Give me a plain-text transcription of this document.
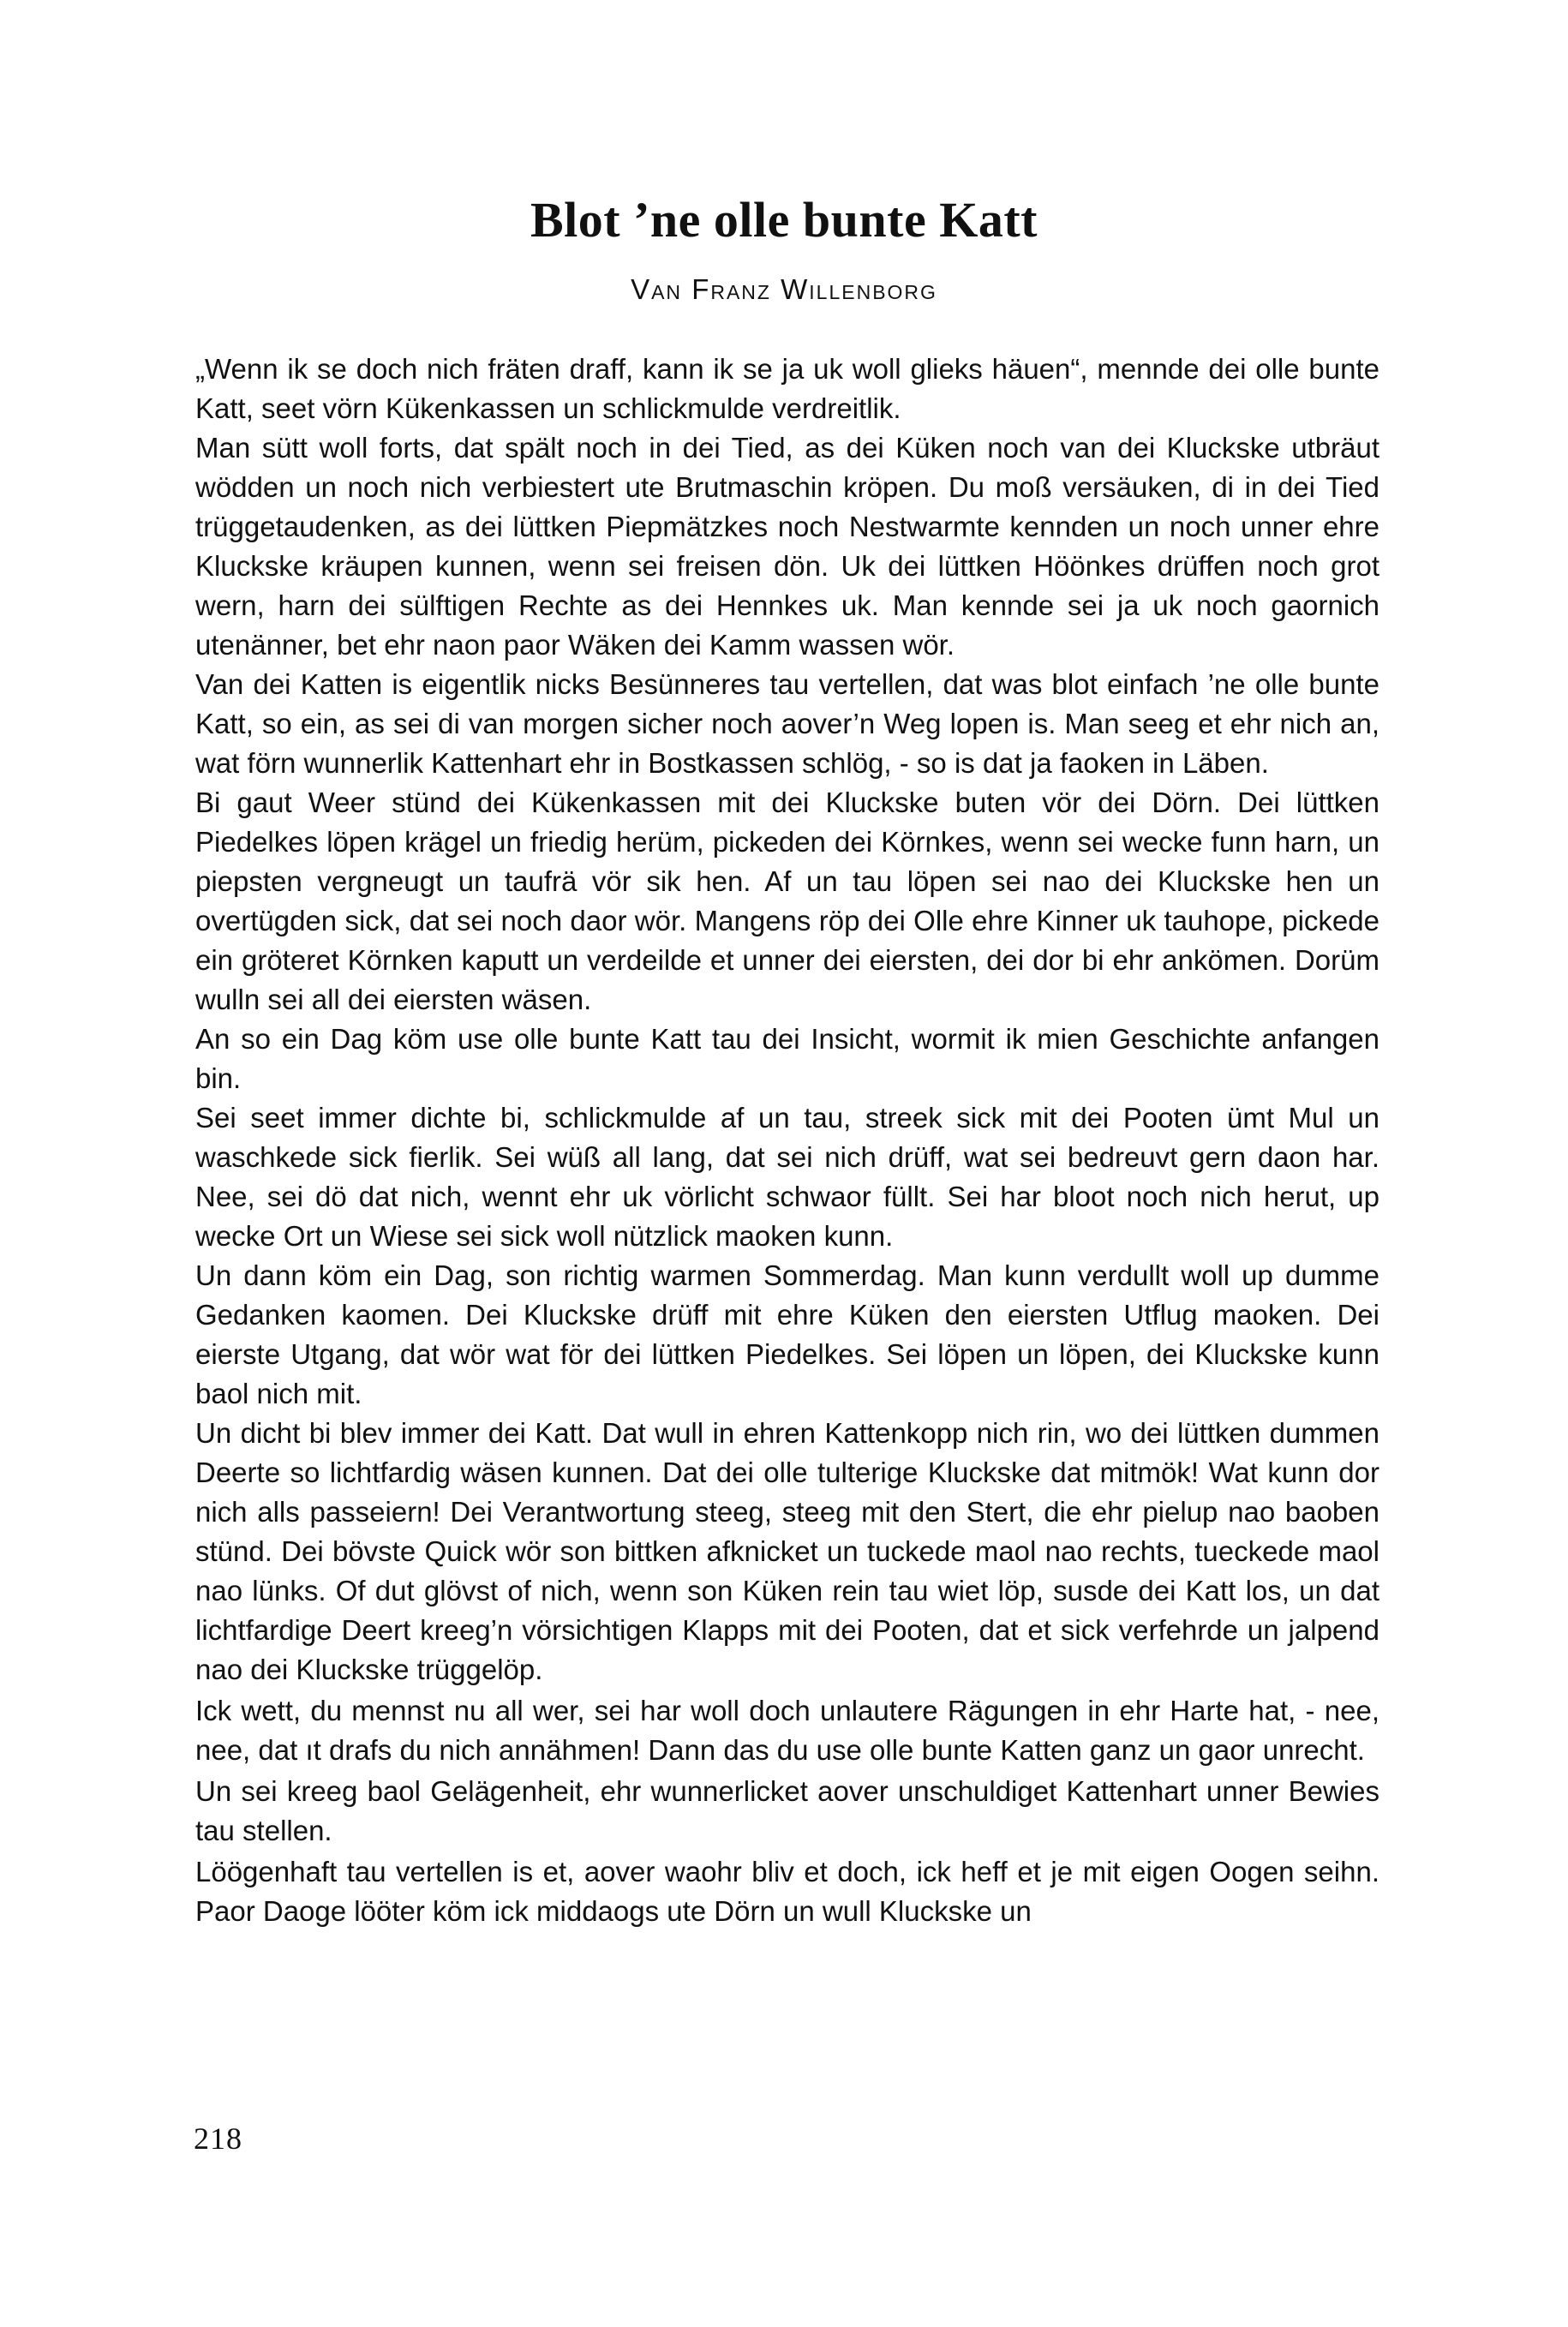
Blot ’ne olle bunte Katt
Van Franz Willenborg

„Wenn ik se doch nich fräten draff, kann ik se ja uk woll glieks häuen“, mennde dei olle bunte Katt, seet vörn Kükenkassen un schlickmulde verdreitlik.

Man sütt woll forts, dat spält noch in dei Tied, as dei Küken noch van dei Kluckske utbräut wödden un noch nich verbiestert ute Brutmaschin kröpen. Du moß versäuken, di in dei Tied trüggetaudenken, as dei lüttken Piepmätzkes noch Nestwarmte kennden un noch unner ehre Kluckske kräupen kunnen, wenn sei freisen dön. Uk dei lüttken Höönkes drüffen noch grot wern, harn dei sülftigen Rechte as dei Hennkes uk. Man kennde sei ja uk noch gaornich utenänner, bet ehr naon paor Wäken dei Kamm wassen wör.

Van dei Katten is eigentlik nicks Besünneres tau vertellen, dat was blot einfach ’ne olle bunte Katt, so ein, as sei di van morgen sicher noch aover’n Weg lopen is. Man seeg et ehr nich an, wat förn wunnerlik Kattenhart ehr in Bostkassen schlög, - so is dat ja faoken in Läben.

Bi gaut Weer stünd dei Kükenkassen mit dei Kluckske buten vör dei Dörn. Dei lüttken Piedelkes löpen krägel un friedig herüm, pickeden dei Körnkes, wenn sei wecke funn harn, un piepsten vergneugt un taufrä vör sik hen. Af un tau löpen sei nao dei Kluckske hen un overtügden sick, dat sei noch daor wör. Mangens röp dei Olle ehre Kinner uk tauhope, pickede ein gröteret Körnken kaputt un verdeilde et unner dei eiersten, dei dor bi ehr ankömen. Dorüm wulln sei all dei eiersten wäsen.

An so ein Dag köm use olle bunte Katt tau dei Insicht, wormit ik mien Geschichte anfangen bin.

Sei seet immer dichte bi, schlickmulde af un tau, streek sick mit dei Pooten ümt Mul un waschkede sick fierlik. Sei wüß all lang, dat sei nich drüff, wat sei bedreuvt gern daon har. Nee, sei dö dat nich, wennt ehr uk vörlicht schwaor füllt. Sei har bloot noch nich herut, up wecke Ort un Wiese sei sick woll nützlick maoken kunn.

Un dann köm ein Dag, son richtig warmen Sommerdag. Man kunn verdullt woll up dumme Gedanken kaomen. Dei Kluckske drüff mit ehre Küken den eiersten Utflug maoken. Dei eierste Utgang, dat wör wat för dei lüttken Piedelkes. Sei löpen un löpen, dei Kluckske kunn baol nich mit.

Un dicht bi blev immer dei Katt. Dat wull in ehren Kattenkopp nich rin, wo dei lüttken dummen Deerte so lichtfardig wäsen kunnen. Dat dei olle tulterige Kluckske dat mitmök! Wat kunn dor nich alls passeiern! Dei Verantwortung steeg, steeg mit den Stert, die ehr pielup nao baoben stünd. Dei bövste Quick wör son bittken afknicket un tuckede maol nao rechts, tueckede maol nao lünks. Of dut glövst of nich, wenn son Küken rein tau wiet löp, susde dei Katt los, un dat lichtfardige Deert kreeg’n vörsichtigen Klapps mit dei Pooten, dat et sick verfehrde un jalpend nao dei Kluckske trüggelöp.

Ick wett, du mennst nu all wer, sei har woll doch unlautere Rägungen in ehr Harte hat, - nee, nee, dat ıt drafs du nich annähmen! Dann das du use olle bunte Katten ganz un gaor unrecht.

Un sei kreeg baol Gelägenheit, ehr wunnerlicket aover unschuldiget Kattenhart unner Bewies tau stellen.

Löögenhaft tau vertellen is et, aover waohr bliv et doch, ick heff et je mit eigen Oogen seihn. Paor Daoge lööter köm ick middaogs ute Dörn un wull Kluckske un

218
